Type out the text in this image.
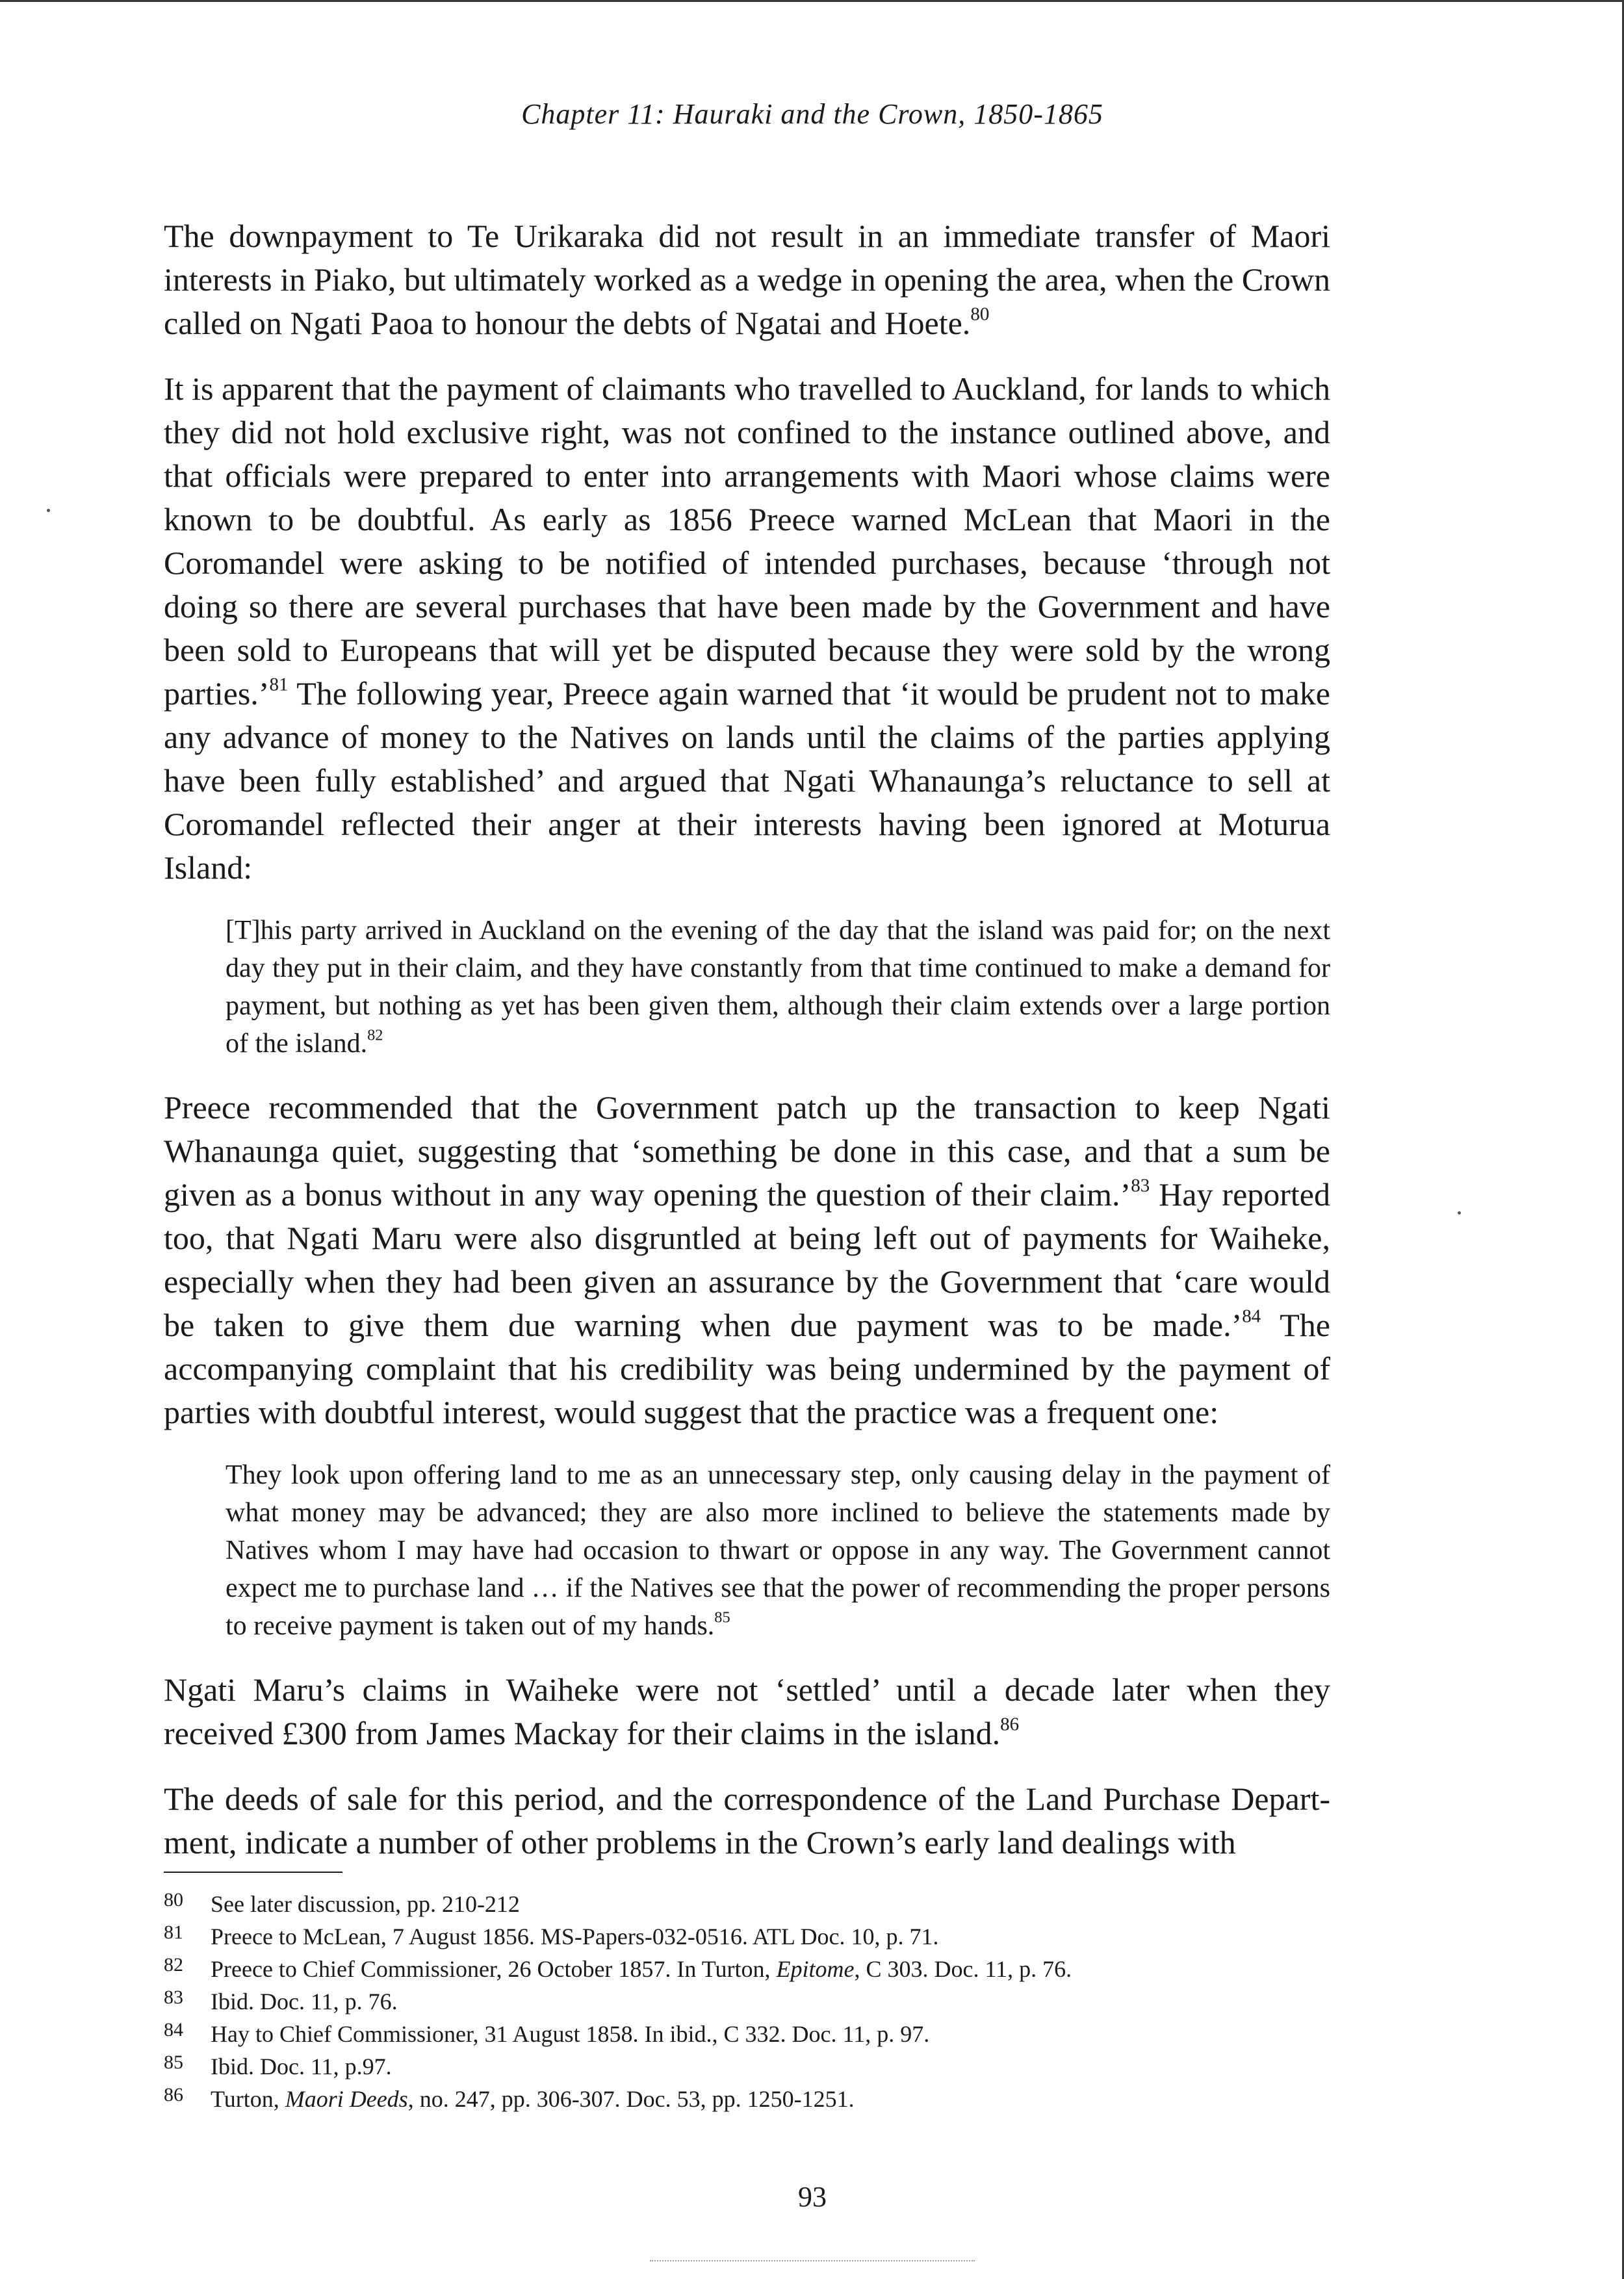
Chapter 11: Hauraki and the Crown, 1850-1865

The downpayment to Te Urikaraka did not result in an immediate transfer of Maori interests in Piako, but ultimately worked as a wedge in opening the area, when the Crown called on Ngati Paoa to honour the debts of Ngatai and Hoete.$^{80}$

It is apparent that the payment of claimants who travelled to Auckland, for lands to which they did not hold exclusive right, was not confined to the instance outlined above, and that officials were prepared to enter into arrangements with Maori whose claims were known to be doubtful. As early as 1856 Preece warned McLean that Maori in the Coromandel were asking to be notified of intended purchases, because ‘through not doing so there are several purchases that have been made by the Government and have been sold to Europeans that will yet be disputed because they were sold by the wrong parties.’$^{81}$ The following year, Preece again warned that ‘it would be prudent not to make any advance of money to the Natives on lands until the claims of the parties applying have been fully established’ and argued that Ngati Whanaunga’s reluctance to sell at Coromandel reflected their anger at their interests having been ignored at Moturua Island:

[T]his party arrived in Auckland on the evening of the day that the island was paid for; on the next day they put in their claim, and they have constantly from that time continued to make a demand for payment, but nothing as yet has been given them, although their claim extends over a large portion of the island.$^{82}$

Preece recommended that the Government patch up the transaction to keep Ngati Whanaunga quiet, suggesting that ‘something be done in this case, and that a sum be given as a bonus without in any way opening the question of their claim.’$^{83}$ Hay reported too, that Ngati Maru were also disgruntled at being left out of payments for Waiheke, especially when they had been given an assurance by the Government that ‘care would be taken to give them due warning when due payment was to be made.’$^{84}$ The accompanying complaint that his credibility was being undermined by the payment of parties with doubtful interest, would suggest that the practice was a frequent one:

They look upon offering land to me as an unnecessary step, only causing delay in the payment of what money may be advanced; they are also more inclined to believe the statements made by Natives whom I may have had occasion to thwart or oppose in any way. The Government cannot expect me to purchase land … if the Natives see that the power of recommending the proper persons to receive payment is taken out of my hands.$^{85}$

Ngati Maru’s claims in Waiheke were not ‘settled’ until a decade later when they received £300 from James Mackay for their claims in the island.$^{86}$

The deeds of sale for this period, and the correspondence of the Land Purchase Depart- ment, indicate a number of other problems in the Crown’s early land dealings with

80	See later discussion, pp. 210-212
81	Preece to McLean, 7 August 1856. MS-Papers-032-0516. ATL Doc. 10, p. 71.
82	Preece to Chief Commissioner, 26 October 1857. In Turton, Epitome, C 303. Doc. 11, p. 76.
83	Ibid. Doc. 11, p. 76.
84	Hay to Chief Commissioner, 31 August 1858. In ibid., C 332. Doc. 11, p. 97.
85	Ibid. Doc. 11, p.97.
86	Turton, Maori Deeds, no. 247, pp. 306-307. Doc. 53, pp. 1250-1251.
93
